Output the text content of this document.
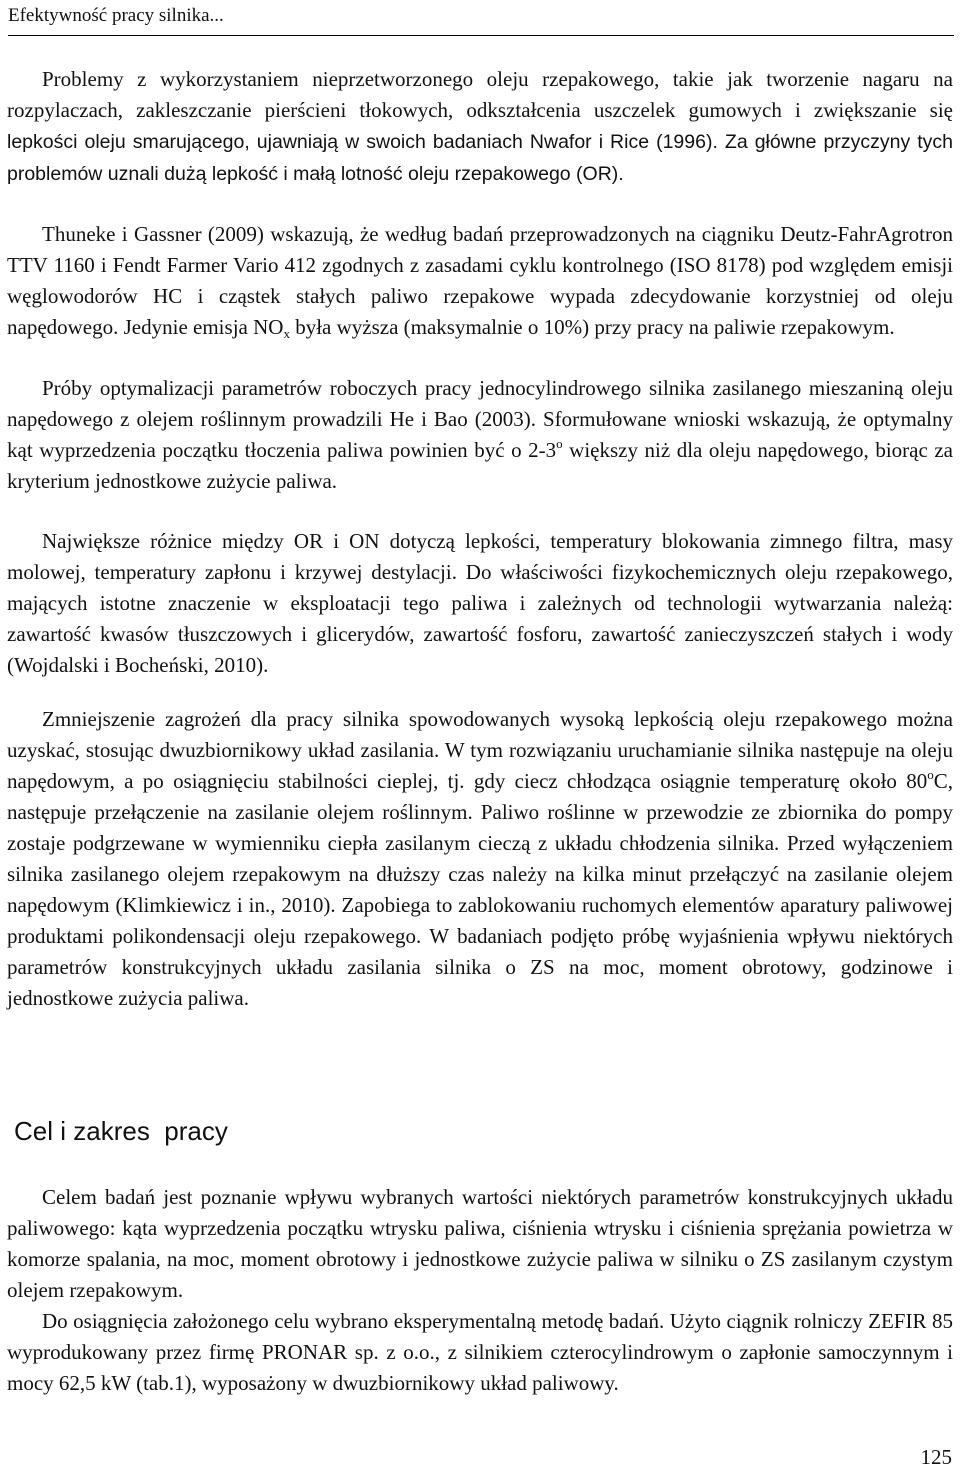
Efektywność pracy silnika...

Problemy z wykorzystaniem nieprzetworzonego oleju rzepakowego, takie jak tworzenie nagaru na rozpylaczach, zakleszczanie pierścieni tłokowych, odkształcenia uszczelek gumowych i zwiększanie się lepkości oleju smarującego, ujawniają w swoich badaniach Nwafor i Rice (1996). Za główne przyczyny tych problemów uznali dużą lepkość i małą lotność oleju rzepakowego (OR).

Thuneke i Gassner (2009) wskazują, że według badań przeprowadzonych na ciągniku Deutz-FahrAgrotron TTV 1160 i Fendt Farmer Vario 412 zgodnych z zasadami cyklu kontrolnego (ISO 8178) pod względem emisji węglowodorów HC i cząstek stałych paliwo rzepakowe wypada zdecydowanie korzystniej od oleju napędowego. Jedynie emisja $NO_x$ była wyższa (maksymalnie o 10%) przy pracy na paliwie rzepakowym.

Próby optymalizacji parametrów roboczych pracy jednocylindrowego silnika zasilanego mieszaniną oleju napędowego z olejem roślinnym prowadzili He i Bao (2003). Sformułowane wnioski wskazują, że optymalny kąt wyprzedzenia początku tłoczenia paliwa powinien być o 2-3$^o$ większy niż dla oleju napędowego, biorąc za kryterium jednostkowe zużycie paliwa.

Największe różnice między OR i ON dotyczą lepkości, temperatury blokowania zimnego filtra, masy molowej, temperatury zapłonu i krzywej destylacji. Do właściwości fizykochemicznych oleju rzepakowego, mających istotne znaczenie w eksploatacji tego paliwa i zależnych od technologii wytwarzania należą: zawartość kwasów tłuszczowych i glicerydów, zawartość fosforu, zawartość zanieczyszczeń stałych i wody (Wojdalski i Bocheński, 2010).

Zmniejszenie zagrożeń dla pracy silnika spowodowanych wysoką lepkością oleju rzepakowego można uzyskać, stosując dwuzbiornikowy układ zasilania. W tym rozwiązaniu uruchamianie silnika następuje na oleju napędowym, a po osiągnięciu stabilności cieplej, tj. gdy ciecz chłodząca osiągnie temperaturę około 80$^o$C, następuje przełączenie na zasilanie olejem roślinnym. Paliwo roślinne w przewodzie ze zbiornika do pompy zostaje podgrzewane w wymienniku ciepła zasilanym cieczą z układu chłodzenia silnika. Przed wyłączeniem silnika zasilanego olejem rzepakowym na dłuższy czas należy na kilka minut przełączyć na zasilanie olejem napędowym (Klimkiewicz i in., 2010). Zapobiega to zablokowaniu ruchomych elementów aparatury paliwowej produktami polikondensacji oleju rzepakowego. W badaniach podjęto próbę wyjaśnienia wpływu niektórych parametrów konstrukcyjnych układu zasilania silnika o ZS na moc, moment obrotowy, godzinowe i jednostkowe zużycia paliwa.

Cel i zakres  pracy

Celem badań jest poznanie wpływu wybranych wartości niektórych parametrów konstrukcyjnych układu paliwowego: kąta wyprzedzenia początku wtrysku paliwa, ciśnienia wtrysku i ciśnienia sprężania powietrza w komorze spalania, na moc, moment obrotowy i jednostkowe zużycie paliwa w silniku o ZS zasilanym czystym olejem rzepakowym.

Do osiągnięcia założonego celu wybrano eksperymentalną metodę badań. Użyto ciągnik rolniczy ZEFIR 85 wyprodukowany przez firmę PRONAR sp. z o.o., z silnikiem czterocylindrowym o zapłonie samoczynnym i mocy 62,5 kW (tab.1), wyposażony w dwuzbiornikowy układ paliwowy.

125
